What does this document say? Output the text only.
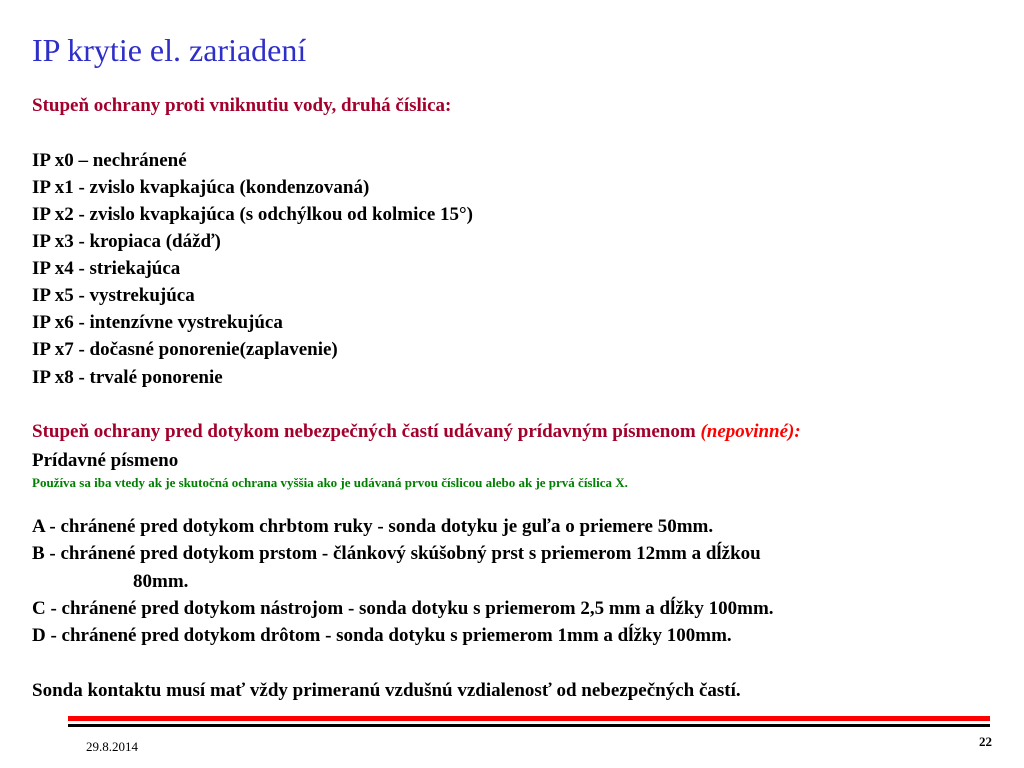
IP krytie el. zariadení
Stupeň ochrany proti vniknutiu vody, druhá číslica:
IP x0 – nechránené
IP x1 - zvislo kvapkajúca (kondenzovaná)
IP x2 - zvislo kvapkajúca (s odchýlkou od kolmice 15°)
IP x3 - kropiaca (dážď)
IP x4 - striekajúca
IP x5 - vystrekujúca
IP x6 - intenzívne vystrekujúca
IP x7 - dočasné ponorenie(zaplavenie)
IP x8 - trvalé ponorenie
Stupeň ochrany pred dotykom nebezpečných častí udávaný prídavným písmenom (nepovinné):
Prídavné písmeno
Používa sa iba vtedy ak je skutočná ochrana vyššia ako je udávaná prvou číslicou alebo ak je prvá číslica X.
A - chránené pred dotykom chrbtom ruky - sonda dotyku je guľa o priemere 50mm.
B - chránené pred dotykom prstom - článkový skúšobný prst s priemerom 12mm a dĺžkou
80mm.
C - chránené pred dotykom nástrojom - sonda dotyku s priemerom 2,5 mm a dĺžky 100mm.
D - chránené pred dotykom drôtom - sonda dotyku s priemerom 1mm a dĺžky 100mm.
Sonda kontaktu musí mať vždy primeranú vzdušnú vzdialenosť od nebezpečných častí.
29.8.2014	22
